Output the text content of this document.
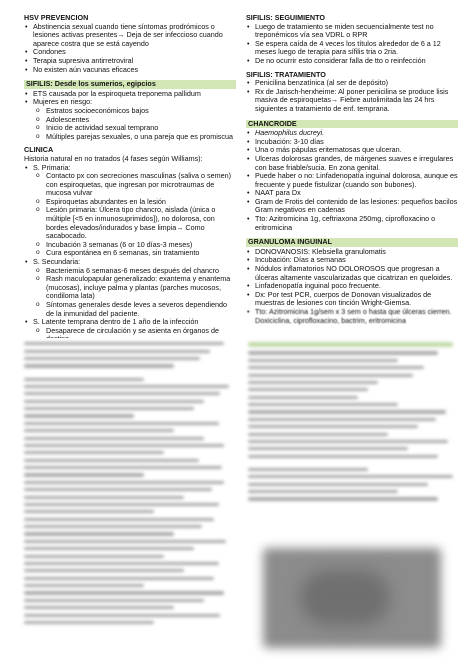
HSV PREVENCION
• Abstinencia sexual cuando tiene síntomas prodrómicos o lesiones activas presentes→ Deja de ser infeccioso cuando aparece costra que se está cayendo
• Condones
• Terapia supresiva antirretroviral
• No existen aún vacunas eficaces
SIFILIS: Desde los sumerios, egipcios
• ETS causada por la espiroqueta treponema pallidum
• Mujeres en riesgo:
o Estratos socioeconómicos bajos
o Adolescentes
o Inicio de actividad sexual temprano
o Múltiples parejas sexuales, o una pareja que es promiscua
CLINICA
Historia natural en no tratados (4 fases según Williams):
• S. Primaria:
o Contacto px con secreciones masculinas (saliva o semen) con espiroquetas, que ingresan por microtraumas de mucosa vulvar
o Espiroquetas abundantes en la lesión
o Lesión primaria: Úlcera tipo chancro, aislada (única o múltiple [<5 en inmunosuprimidos]), no dolorosa, con bordes elevados/indurados y base limpia→ Como sacabocado.
o Incubación 3 semanas (6 or 10 días-3 meses)
o Cura espontánea en 6 semanas, sin tratamiento
• S. Secundaria:
o Bacteriemia 6 semanas-6 meses después del chancro
o Rash maculopapular generalizado: exantema y enantema (mucosas), incluye palma y plantas (parches mucosos, condiloma lata)
o Síntomas generales desde leves a severos dependiendo de la inmunidad del paciente.
• S. Latente temprana dentro de 1 año de la infección
o Desaparece de circulación y se asienta en órganos de
•
SIFILIS: SEGUIMIENTO
• Luego de tratamiento se miden secuencialmente test no treponémicos vía sea VDRL o RPR
• Se espera caída de 4 veces los títulos alrededor de 6 a 12 meses luego de terapia para sífilis tria o 2ria.
• De no ocurrir esto considerar falla de tto o reinfección
SIFILIS: TRATAMIENTO
• Penicilina benzatínica (al ser de depósito)
• Rx de Jarisch-herxheime: Al poner penicilina se produce lisis masiva de espiroquetas→ Fiebre autolimitada las 24 hrs siguientes a tratamiento de enf. temprana.
CHANCROIDE
• Haemophilus ducreyi.
• Incubación: 3-10 días
• Una o más pápulas eritematosas que ulceran.
• Ulceras dolorosas grandes, de márgenes suaves e irregulares con base friable/sucia. En zona genital.
• Puede haber o no: Linfadenopatía inguinal dolorosa, aunque es frecuente y puede fistulizar (cuando son bubones).
• NAAT para Dx
• Gram de Frotis del contenido de las lesiones: pequeños bacilos Gram negativos en cadenas
• Tto: Azitromicina 1g, ceftriaxona 250mg, ciprofloxacino o eritromicina
GRANULOMA INGUINAL
• DONOVANOSIS: Klebsiella granulomatis
• Incubación: Días a semanas
• Nódulos inflamatorios NO DOLOROSOS que progresan a úlceras altamente vascularizadas que cicatrizan en queloides.
• Linfadenopatía inguinal poco frecuente.
• Dx: Por test PCR, cuerpos de Donovan visualizados de muestras de lesiones con tinción Wright-Giemsa.
• Tto: Azitromicina 1g/sem x 3 sem o hasta que úlceras cierren. Doxiciclina, ciprofloxacino, bactrim, eritromicina
